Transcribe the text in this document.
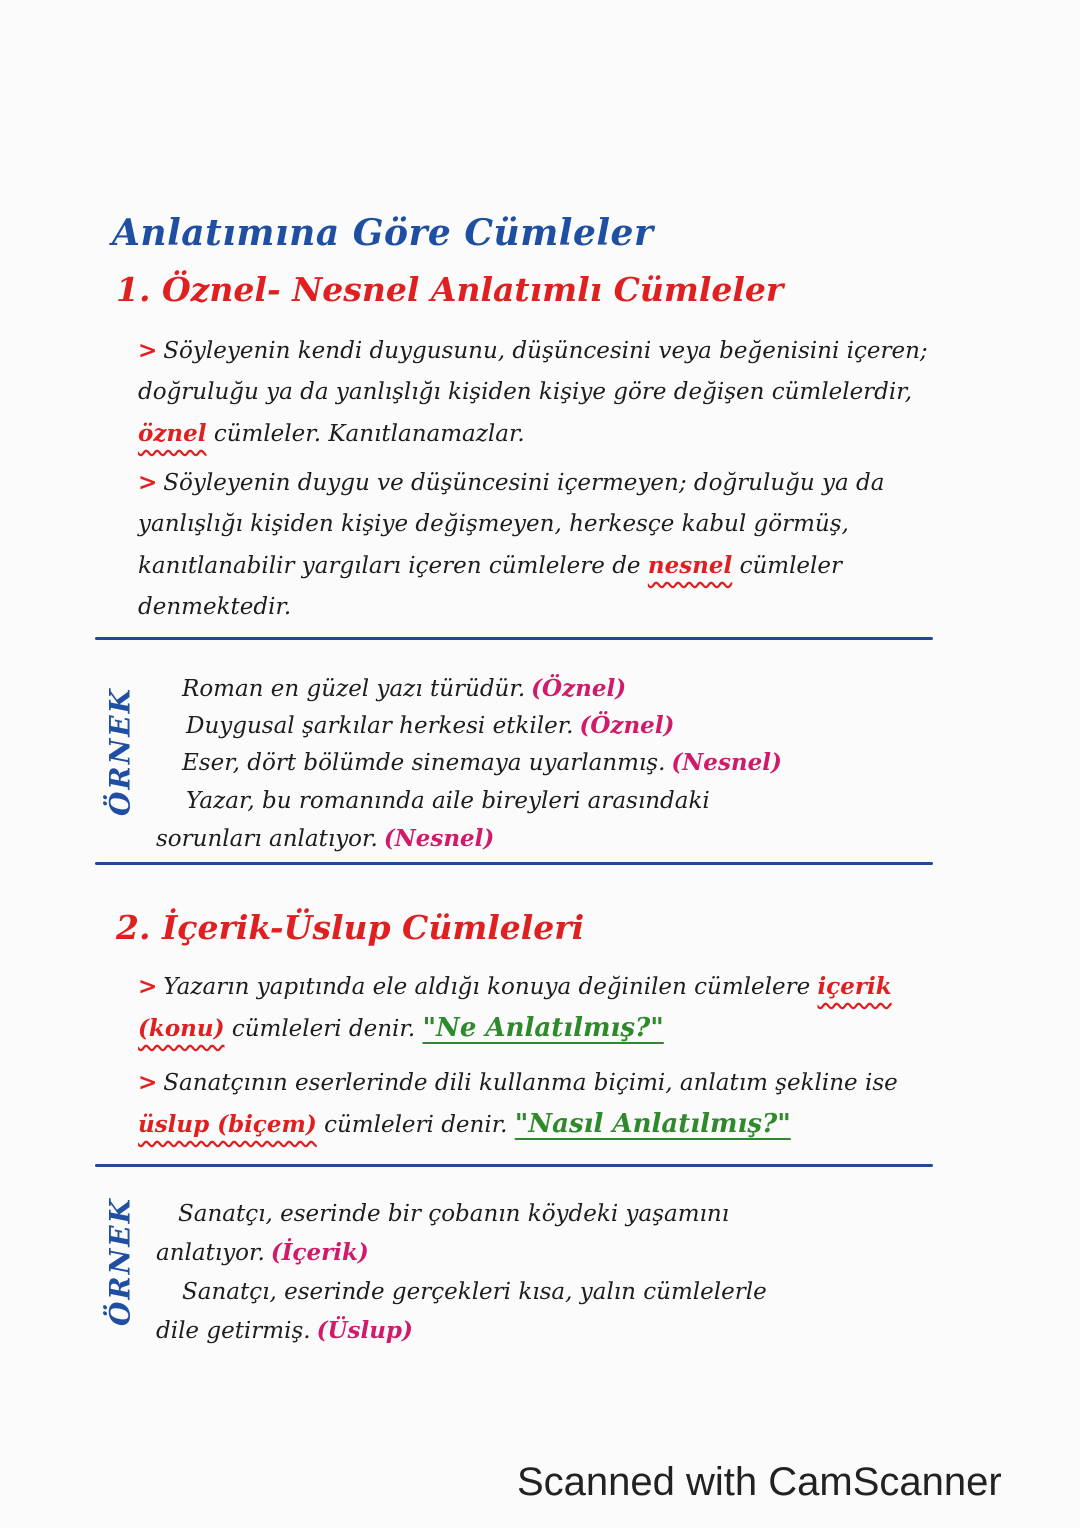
Anlatımına Göre Cümleler
1. Öznel- Nesnel Anlatımlı Cümleler
> Söyleyenin kendi duygusunu, düşüncesini veya beğenisini içeren; doğruluğu ya da yanlışlığı kişiden kişiye göre değişen cümlelerdir, öznel cümleler. Kanıtlanamazlar.
> Söyleyenin duygu ve düşüncesini içermeyen; doğruluğu ya da yanlışlığı kişiden kişiye değişmeyen, herkesçe kabul görmüş, kanıtlanabilir yargıları içeren cümlelere de nesnel cümleler denmektedir.
ÖRNEK Roman en güzel yazı türüdür. (Öznel)
Duygusal şarkılar herkesi etkiler. (Öznel)
Eser, dört bölümde sinemaya uyarlanmış. (Nesnel)
Yazar, bu romanında aile bireyleri arasındaki
sorunları anlatıyor. (Nesnel)
2. İçerik-Üslup Cümleleri
> Yazarın yapıtında ele aldığı konuya değinilen cümlelere içerik (konu) cümleleri denir. "Ne Anlatılmış?"
> Sanatçının eserlerinde dili kullanma biçimi, anlatım şekline ise üslup (biçem) cümleleri denir. "Nasıl Anlatılmış?"
ÖRNEK Sanatçı, eserinde bir çobanın köydeki yaşamını
anlatıyor. (İçerik)
Sanatçı, eserinde gerçekleri kısa, yalın cümlelerle
dile getirmiş. (Üslup)
Scanned with CamScanner
